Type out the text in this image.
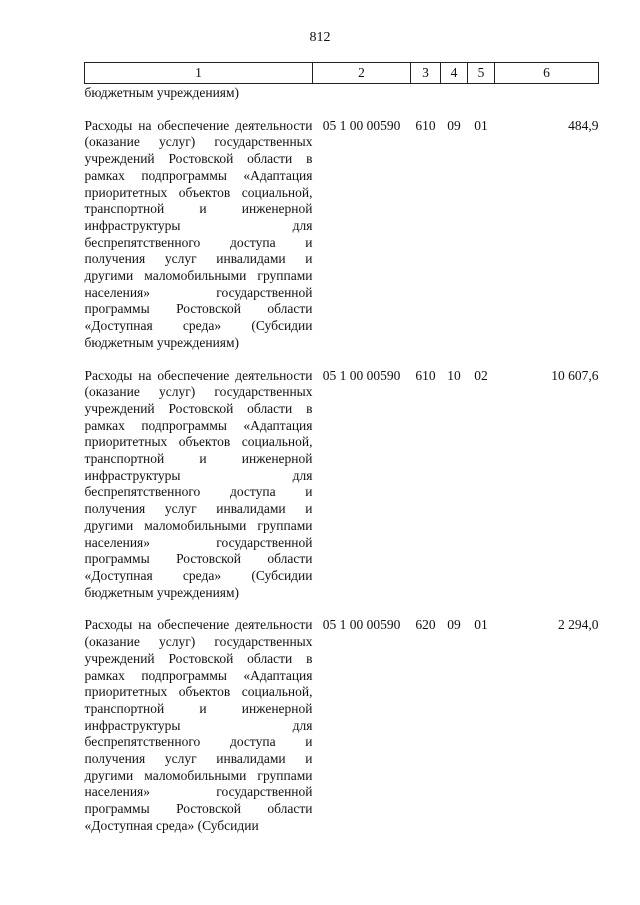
812
1	2	3	4	5	6
бюджетным учреждениям)					
Расходы на обеспечение деятельности (оказание услуг) государственных учреждений Ростовской области в рамках подпрограммы «Адаптация приоритетных объектов социальной, транспортной и инженерной инфраструктуры для беспрепятственного доступа и получения услуг инвалидами и другими маломобильными группами населения» государственной программы Ростовской области «Доступная среда» (Субсидии бюджетным учреждениям)	05 1 00 00590	610	09	01	484,9
Расходы на обеспечение деятельности (оказание услуг) государственных учреждений Ростовской области в рамках подпрограммы «Адаптация приоритетных объектов социальной, транспортной и инженерной инфраструктуры для беспрепятственного доступа и получения услуг инвалидами и другими маломобильными группами населения» государственной программы Ростовской области «Доступная среда» (Субсидии бюджетным учреждениям)	05 1 00 00590	610	10	02	10 607,6
Расходы на обеспечение деятельности (оказание услуг) государственных учреждений Ростовской области в рамках подпрограммы «Адаптация приоритетных объектов социальной, транспортной и инженерной инфраструктуры для беспрепятственного доступа и получения услуг инвалидами и другими маломобильными группами населения» государственной программы Ростовской области «Доступная среда» (Субсидии	05 1 00 00590	620	09	01	2 294,0
